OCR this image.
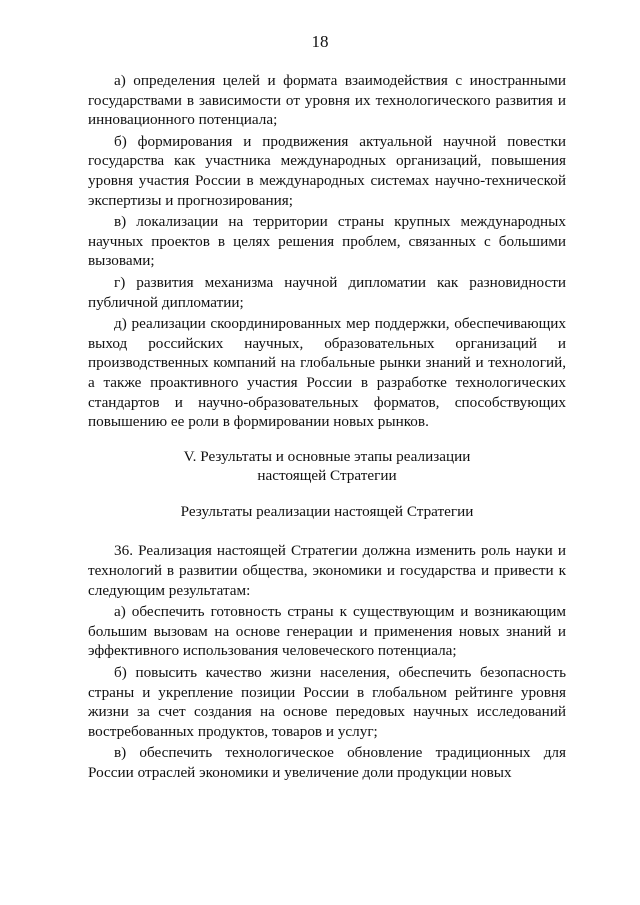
18

а) определения целей и формата взаимодействия с иностранными государствами в зависимости от уровня их технологического развития и инновационного потенциала;

б) формирования и продвижения актуальной научной повестки государства как участника международных организаций, повышения уровня участия России в международных системах научно-технической экспертизы и прогнозирования;

в) локализации на территории страны крупных международных научных проектов в целях решения проблем, связанных с большими вызовами;

г) развития механизма научной дипломатии как разновидности публичной дипломатии;

д) реализации скоординированных мер поддержки, обеспечивающих выход российских научных, образовательных организаций и производственных компаний на глобальные рынки знаний и технологий, а также проактивного участия России в разработке технологических стандартов и научно-образовательных форматов, способствующих повышению ее роли в формировании новых рынков.

V. Результаты и основные этапы реализации
настоящей Стратегии

Результаты реализации настоящей Стратегии

36. Реализация настоящей Стратегии должна изменить роль науки и технологий в развитии общества, экономики и государства и привести к следующим результатам:

а) обеспечить готовность страны к существующим и возникающим большим вызовам на основе генерации и применения новых знаний и эффективного использования человеческого потенциала;

б) повысить качество жизни населения, обеспечить безопасность страны и укрепление позиции России в глобальном рейтинге уровня жизни за счет создания на основе передовых научных исследований востребованных продуктов, товаров и услуг;

в) обеспечить технологическое обновление традиционных для России отраслей экономики и увеличение доли продукции новых
